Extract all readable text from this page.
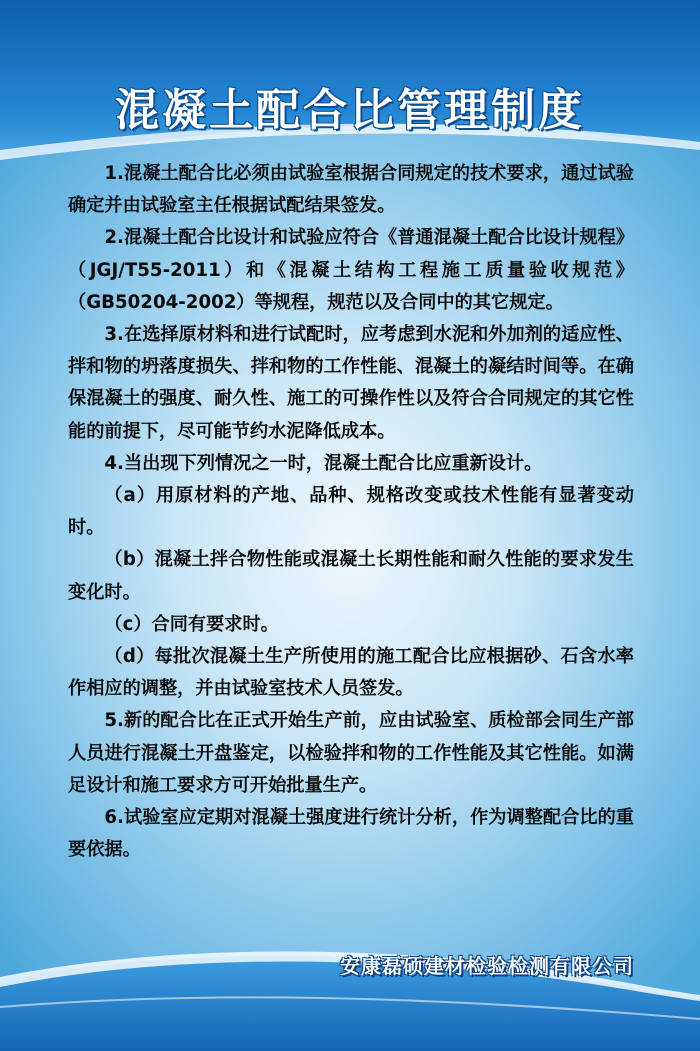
混凝土配合比管理制度

1.混凝土配合比必须由试验室根据合同规定的技术要求，通过试验确定并由试验室主任根据试配结果签发。

2.混凝土配合比设计和试验应符合《普通混凝土配合比设计规程》（JGJ/T55-2011）和《混凝土结构工程施工质量验收规范》（GB50204-2002）等规程，规范以及合同中的其它规定。

3.在选择原材料和进行试配时，应考虑到水泥和外加剂的适应性、拌和物的坍落度损失、拌和物的工作性能、混凝土的凝结时间等。在确保混凝土的强度、耐久性、施工的可操作性以及符合合同规定的其它性能的前提下，尽可能节约水泥降低成本。

4.当出现下列情况之一时，混凝土配合比应重新设计。

（a）用原材料的产地、品种、规格改变或技术性能有显著变动时。

（b）混凝土拌合物性能或混凝土长期性能和耐久性能的要求发生变化时。

（c）合同有要求时。

（d）每批次混凝土生产所使用的施工配合比应根据砂、石含水率作相应的调整，并由试验室技术人员签发。

5.新的配合比在正式开始生产前，应由试验室、质检部会同生产部人员进行混凝土开盘鉴定，以检验拌和物的工作性能及其它性能。如满足设计和施工要求方可开始批量生产。

6.试验室应定期对混凝土强度进行统计分析，作为调整配合比的重要依据。

安康磊硕建材检验检测有限公司
